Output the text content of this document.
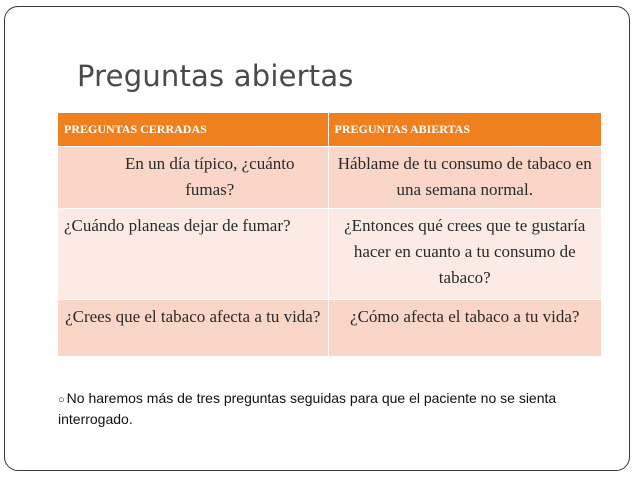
Preguntas abiertas
PREGUNTAS CERRADAS	PREGUNTAS ABIERTAS
En un día típico, ¿cuánto fumas?	Háblame de tu consumo de tabaco en una semana normal.
¿Cuándo planeas dejar de fumar?	¿Entonces qué crees que te gustaría hacer en cuanto a tu consumo de tabaco?
¿Crees que el tabaco afecta a tu vida?	¿Cómo afecta el tabaco a tu vida?
○ No haremos más de tres preguntas seguidas para que el paciente no se sienta interrogado.
